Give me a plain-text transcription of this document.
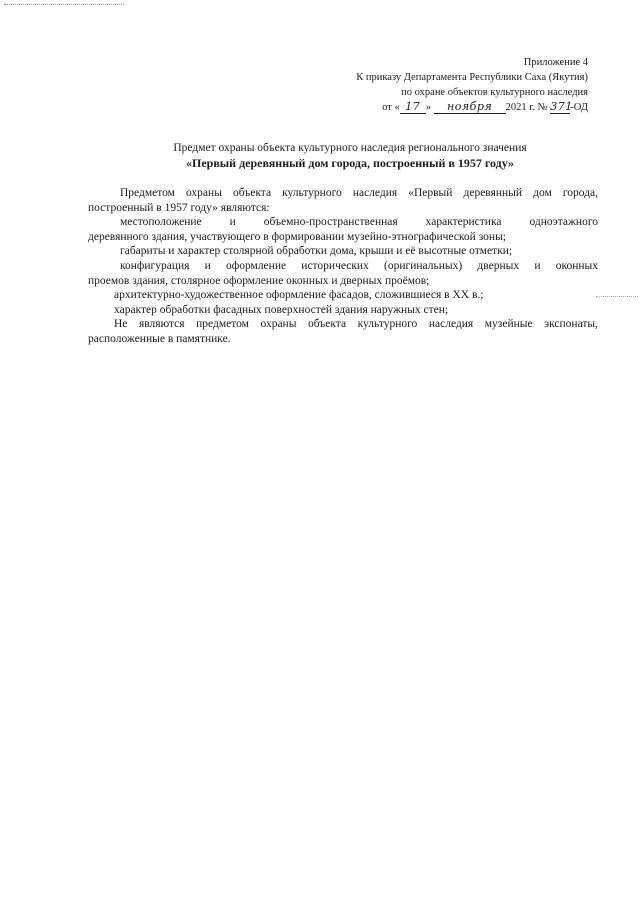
Приложение 4
К приказу Департамента Республики Саха (Якутия)
по охране объектов культурного наследия
от « 17 » ноября 2021 г. № 371-ОД
Предмет охраны объекта культурного наследия регионального значения
«Первый деревянный дом города, построенный в 1957 году»
Предметом охраны объекта культурного наследия «Первый деревянный дом города,
построенный в 1957 году» являются:
местоположение и объемно-пространственная характеристика одноэтажного
деревянного здания, участвующего в формировании музейно-этнографической зоны;
габариты и характер столярной обработки дома, крыши и её высотные отметки;
конфигурация и оформление исторических (оригинальных) дверных и оконных
проемов здания, столярное оформление оконных и дверных проёмов;
архитектурно-художественное оформление фасадов, сложившиеся в XX в.;
характер обработки фасадных поверхностей здания наружных стен;
Не являются предметом охраны объекта культурного наследия музейные экспонаты,
расположенные в памятнике.
